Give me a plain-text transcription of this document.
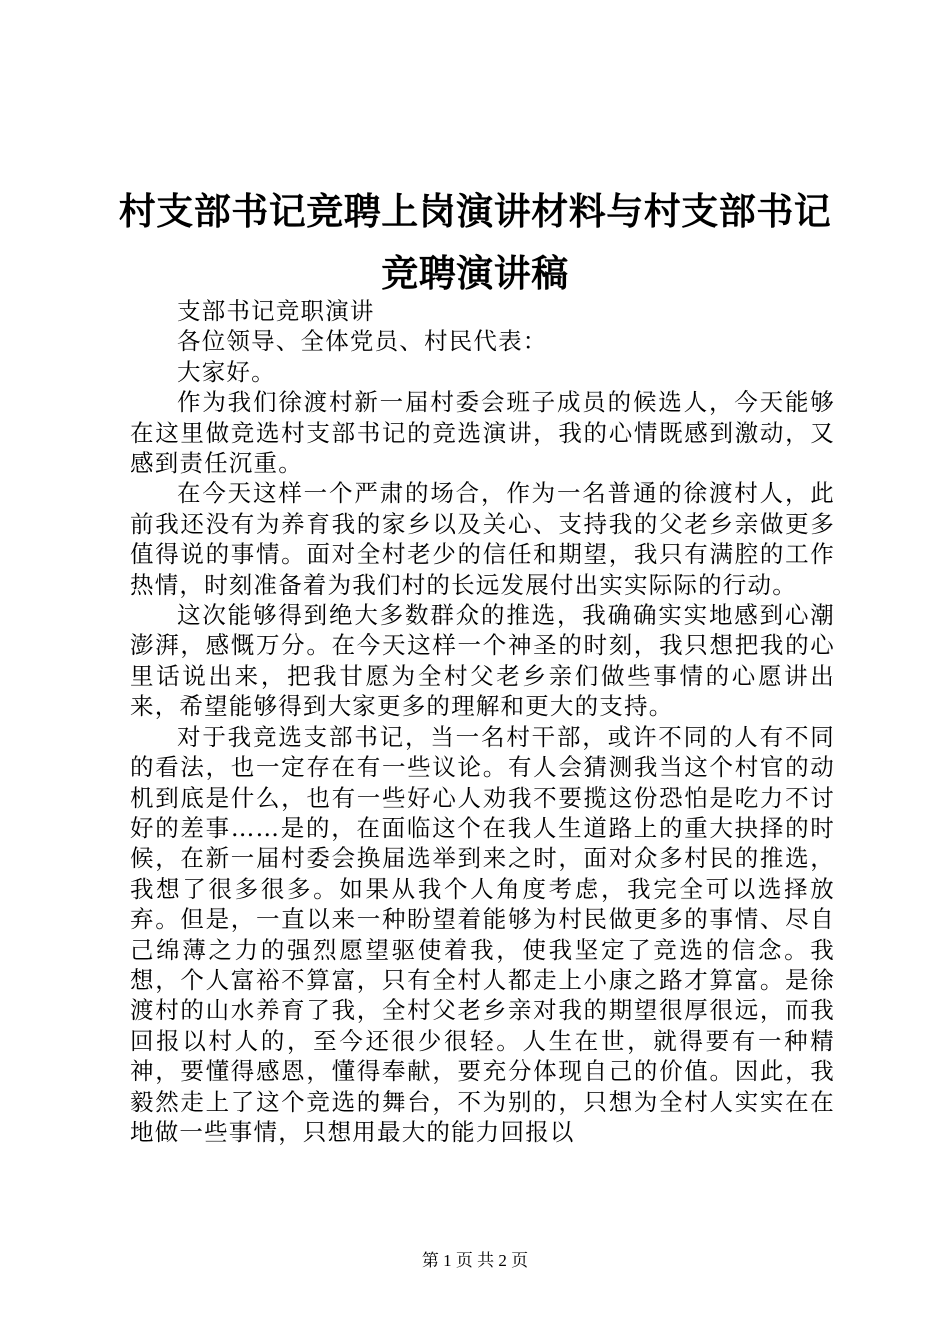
村支部书记竞聘上岗演讲材料与村支部书记竞聘演讲稿

支部书记竞职演讲

各位领导、全体党员、村民代表：

大家好。

作为我们徐渡村新一届村委会班子成员的候选人，今天能够在这里做竞选村支部书记的竞选演讲，我的心情既感到激动，又感到责任沉重。

在今天这样一个严肃的场合，作为一名普通的徐渡村人，此前我还没有为养育我的家乡以及关心、支持我的父老乡亲做更多值得说的事情。面对全村老少的信任和期望，我只有满腔的工作热情，时刻准备着为我们村的长远发展付出实实际际的行动。

这次能够得到绝大多数群众的推选，我确确实实地感到心潮澎湃，感慨万分。在今天这样一个神圣的时刻，我只想把我的心里话说出来，把我甘愿为全村父老乡亲们做些事情的心愿讲出来，希望能够得到大家更多的理解和更大的支持。

对于我竞选支部书记，当一名村干部，或许不同的人有不同的看法，也一定存在有一些议论。有人会猜测我当这个村官的动机到底是什么，也有一些好心人劝我不要揽这份恐怕是吃力不讨好的差事……是的，在面临这个在我人生道路上的重大抉择的时候，在新一届村委会换届选举到来之时，面对众多村民的推选，我想了很多很多。如果从我个人角度考虑，我完全可以选择放弃。但是，一直以来一种盼望着能够为村民做更多的事情、尽自己绵薄之力的强烈愿望驱使着我，使我坚定了竞选的信念。我想，个人富裕不算富，只有全村人都走上小康之路才算富。是徐渡村的山水养育了我，全村父老乡亲对我的期望很厚很远，而我回报以村人的，至今还很少很轻。人生在世，就得要有一种精神，要懂得感恩，懂得奉献，要充分体现自己的价值。因此，我毅然走上了这个竞选的舞台，不为别的，只想为全村人实实在在地做一些事情，只想用最大的能力回报以

第 1 页 共 2 页
